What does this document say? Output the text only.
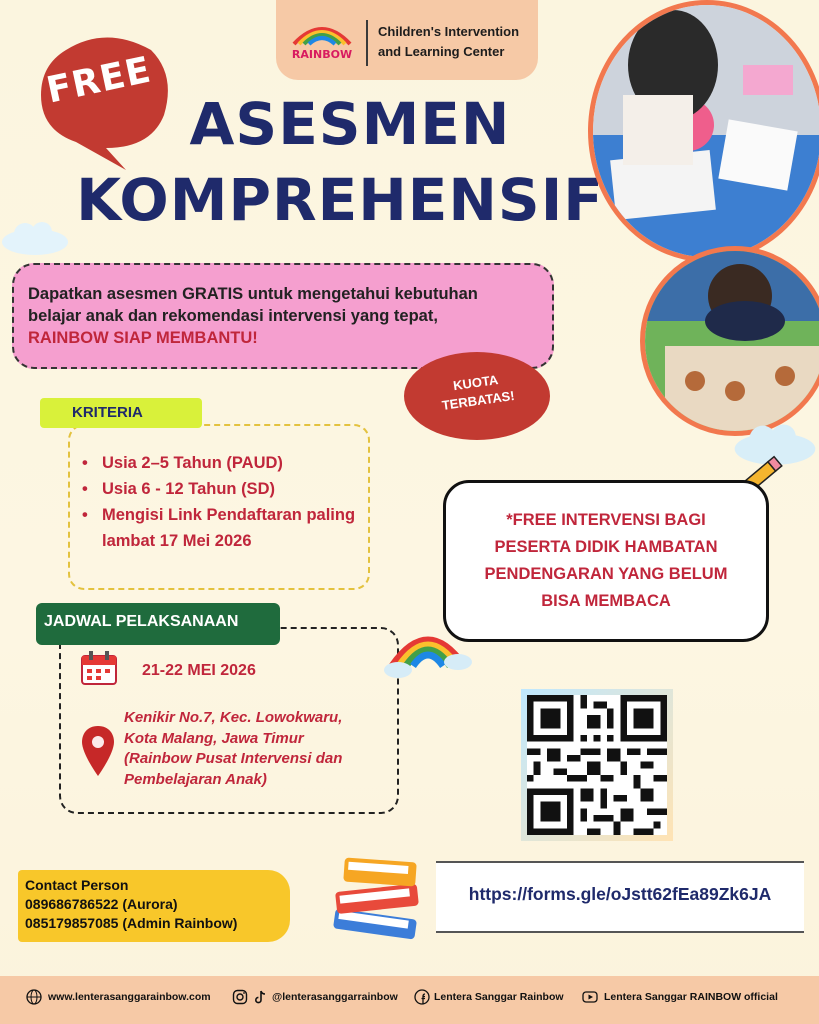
RAINBOW
Children's Intervention
and Learning Center
FREE
ASESMEN
KOMPREHENSIF
Dapatkan asesmen GRATIS untuk mengetahui kebutuhan
belajar anak dan rekomendasi intervensi yang tepat,
RAINBOW SIAP MEMBANTU!
KUOTA
TERBATAS!
KRITERIA
• Usia 2–5 Tahun (PAUD)
• Usia 6 - 12 Tahun (SD)
• Mengisi Link Pendaftaran paling lambat 17 Mei 2026
*FREE INTERVENSI BAGI
PESERTA DIDIK HAMBATAN
PENDENGARAN YANG BELUM
BISA MEMBACA
JADWAL PELAKSANAAN
21-22 MEI 2026
Kenikir No.7, Kec. Lowokwaru,
Kota Malang, Jawa Timur
(Rainbow Pusat Intervensi dan
Pembelajaran Anak)
https://forms.gle/oJstt62fEa89Zk6JA
Contact Person
089686786522 (Aurora)
085179857085 (Admin Rainbow)
www.lenterasanggarainbow.com	@lenterasanggarrainbow	Lentera Sanggar Rainbow	Lentera Sanggar RAINBOW official
